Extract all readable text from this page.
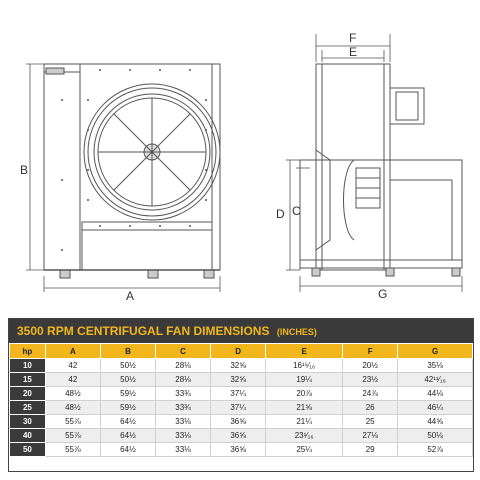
A
B
F
E
D C
G
3500 RPM CENTRIFUGAL FAN DIMENSIONS (INCHES)
hp	A	B	C	D	E	F	G
10	42	50½	28⅛	32⅝	16¹⁵⁄₁₆	20½	35⅛
15	42	50½	28⅛	32⅝	19¼	23½	42¹¹⁄₁₆
20	48½	59½	33¾	37¼	20⅞	24⅞	44⅛
25	48½	59½	33¾	37¼	21⅝	26	46¼
30	55⅞	64½	33⅛	36⅝	21¼	25	44⅝
40	55⅞	64½	33⅛	36⅝	23¹⁄₁₆	27⅛	50⅛
50	55⅞	64½	33⅛	36⅝	25¼	29	52⅞
